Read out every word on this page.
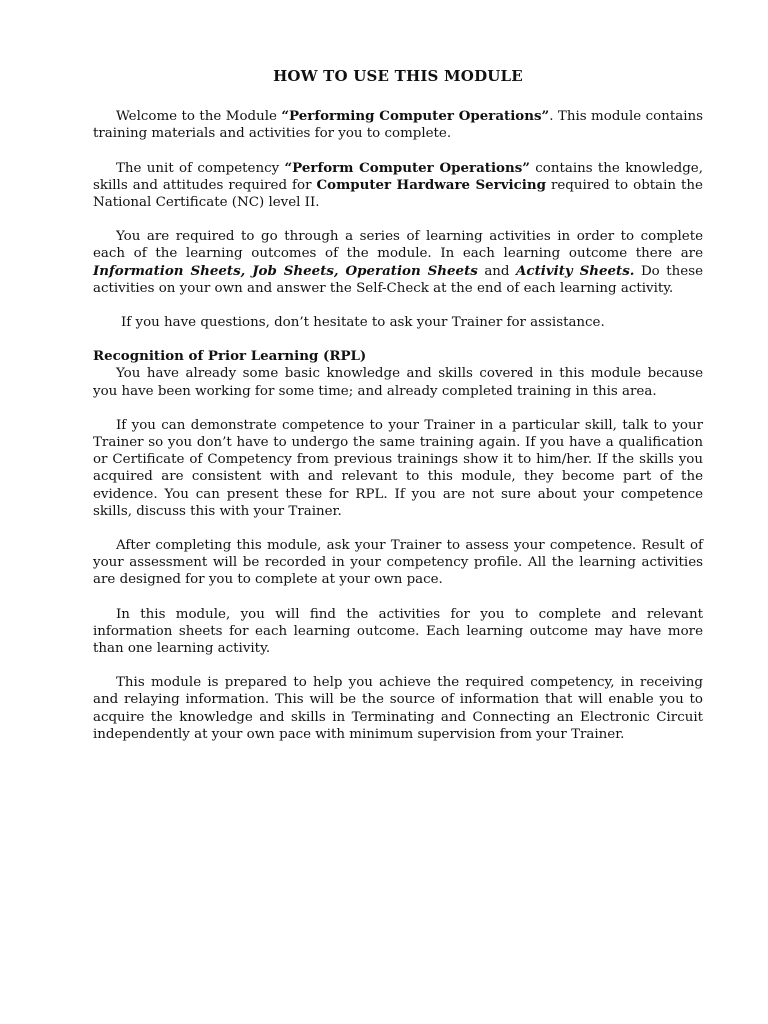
HOW TO USE THIS MODULE

Welcome to the Module “Performing Computer Operations”. This module contains training materials and activities for you to complete.

The unit of competency “Perform Computer Operations” contains the knowledge, skills and attitudes required for Computer Hardware Servicing required to obtain the National Certificate (NC) level II.

You are required to go through a series of learning activities in order to complete each of the learning outcomes of the module. In each learning outcome there are Information Sheets, Job Sheets, Operation Sheets and Activity Sheets. Do these activities on your own and answer the Self-Check at the end of each learning activity.

If you have questions, don’t hesitate to ask your Trainer for assistance.

Recognition of Prior Learning (RPL)

You have already some basic knowledge and skills covered in this module because you have been working for some time; and already completed training in this area.

If you can demonstrate competence to your Trainer in a particular skill, talk to your Trainer so you don’t have to undergo the same training again. If you have a qualification or Certificate of Competency from previous trainings show it to him/her. If the skills you acquired are consistent with and relevant to this module, they become part of the evidence. You can present these for RPL. If you are not sure about your competence skills, discuss this with your Trainer.

After completing this module, ask your Trainer to assess your competence. Result of your assessment will be recorded in your competency profile. All the learning activities are designed for you to complete at your own pace.

In this module, you will find the activities for you to complete and relevant information sheets for each learning outcome. Each learning outcome may have more than one learning activity.

This module is prepared to help you achieve the required competency, in receiving and relaying information. This will be the source of information that will enable you to acquire the knowledge and skills in Terminating and Connecting an Electronic Circuit independently at your own pace with minimum supervision from your Trainer.
